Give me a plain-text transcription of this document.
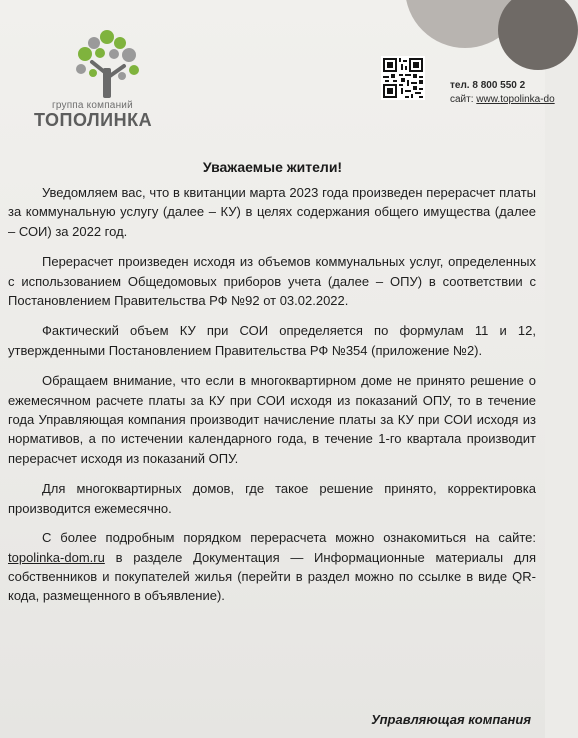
группа компаний
ТОПОЛИНКА
тел. 8 800 550 2
сайт: www.topolinka-do
Уважаемые жители!

Уведомляем вас, что в квитанции марта 2023 года произведен перерасчет платы за коммунальную услугу (далее – КУ) в целях содержания общего имущества (далее – СОИ) за 2022 год.

Перерасчет произведен исходя из объемов коммунальных услуг, определенных с использованием Общедомовых приборов учета (далее – ОПУ) в соответствии с Постановлением Правительства РФ №92 от 03.02.2022.

Фактический объем КУ при СОИ определяется по формулам 11 и 12, утвержденными Постановлением Правительства РФ №354 (приложение №2).

Обращаем внимание, что если в многоквартирном доме не принято решение о ежемесячном расчете платы за КУ при СОИ исходя из показаний ОПУ, то в течение года Управляющая компания производит начисление платы за КУ при СОИ исходя из нормативов, а по истечении календарного года, в течение 1-го квартала производит перерасчет исходя из показаний ОПУ.

Для многоквартирных домов, где такое решение принято, корректировка производится ежемесячно.

С более подробным порядком перерасчета можно ознакомиться на сайте: topolinka-dom.ru в разделе Документация — Информационные материалы для собственников и покупателей жилья (перейти в раздел можно по ссылке в виде QR-кода, размещенного в объявление).

Управляющая компания
